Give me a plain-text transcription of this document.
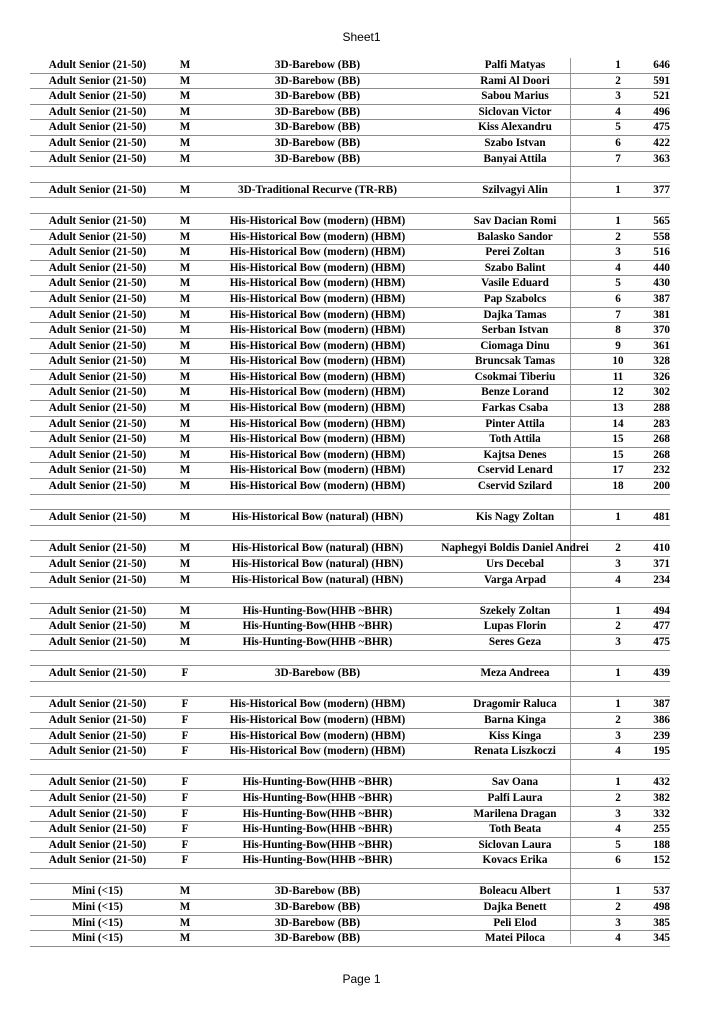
Sheet1
Adult Senior (21-50)	M	3D-Barebow (BB)	Palfi Matyas	1	646
Adult Senior (21-50)	M	3D-Barebow (BB)	Rami Al Doori	2	591
Adult Senior (21-50)	M	3D-Barebow (BB)	Sabou Marius	3	521
Adult Senior (21-50)	M	3D-Barebow (BB)	Siclovan Victor	4	496
Adult Senior (21-50)	M	3D-Barebow (BB)	Kiss Alexandru	5	475
Adult Senior (21-50)	M	3D-Barebow (BB)	Szabo Istvan	6	422
Adult Senior (21-50)	M	3D-Barebow (BB)	Banyai Attila	7	363
Adult Senior (21-50)	M	3D-Traditional Recurve (TR-RB)	Szilvagyi Alin	1	377
Adult Senior (21-50)	M	His-Historical Bow (modern) (HBM)	Sav Dacian Romi	1	565
Adult Senior (21-50)	M	His-Historical Bow (modern) (HBM)	Balasko Sandor	2	558
Adult Senior (21-50)	M	His-Historical Bow (modern) (HBM)	Perei Zoltan	3	516
Adult Senior (21-50)	M	His-Historical Bow (modern) (HBM)	Szabo Balint	4	440
Adult Senior (21-50)	M	His-Historical Bow (modern) (HBM)	Vasile Eduard	5	430
Adult Senior (21-50)	M	His-Historical Bow (modern) (HBM)	Pap Szabolcs	6	387
Adult Senior (21-50)	M	His-Historical Bow (modern) (HBM)	Dajka Tamas	7	381
Adult Senior (21-50)	M	His-Historical Bow (modern) (HBM)	Serban Istvan	8	370
Adult Senior (21-50)	M	His-Historical Bow (modern) (HBM)	Ciomaga Dinu	9	361
Adult Senior (21-50)	M	His-Historical Bow (modern) (HBM)	Bruncsak Tamas	10	328
Adult Senior (21-50)	M	His-Historical Bow (modern) (HBM)	Csokmai Tiberiu	11	326
Adult Senior (21-50)	M	His-Historical Bow (modern) (HBM)	Benze Lorand	12	302
Adult Senior (21-50)	M	His-Historical Bow (modern) (HBM)	Farkas Csaba	13	288
Adult Senior (21-50)	M	His-Historical Bow (modern) (HBM)	Pinter Attila	14	283
Adult Senior (21-50)	M	His-Historical Bow (modern) (HBM)	Toth Attila	15	268
Adult Senior (21-50)	M	His-Historical Bow (modern) (HBM)	Kajtsa Denes	15	268
Adult Senior (21-50)	M	His-Historical Bow (modern) (HBM)	Cservid Lenard	17	232
Adult Senior (21-50)	M	His-Historical Bow (modern) (HBM)	Cservid Szilard	18	200
Adult Senior (21-50)	M	His-Historical Bow (natural) (HBN)	Kis Nagy Zoltan	1	481
Adult Senior (21-50)	M	His-Historical Bow (natural) (HBN)	Naphegyi Boldis Daniel Andrei	2	410
Adult Senior (21-50)	M	His-Historical Bow (natural) (HBN)	Urs Decebal	3	371
Adult Senior (21-50)	M	His-Historical Bow (natural) (HBN)	Varga Arpad	4	234
Adult Senior (21-50)	M	His-Hunting-Bow(HHB ~BHR)	Szekely Zoltan	1	494
Adult Senior (21-50)	M	His-Hunting-Bow(HHB ~BHR)	Lupas Florin	2	477
Adult Senior (21-50)	M	His-Hunting-Bow(HHB ~BHR)	Seres Geza	3	475
Adult Senior (21-50)	F	3D-Barebow (BB)	Meza Andreea	1	439
Adult Senior (21-50)	F	His-Historical Bow (modern) (HBM)	Dragomir Raluca	1	387
Adult Senior (21-50)	F	His-Historical Bow (modern) (HBM)	Barna Kinga	2	386
Adult Senior (21-50)	F	His-Historical Bow (modern) (HBM)	Kiss Kinga	3	239
Adult Senior (21-50)	F	His-Historical Bow (modern) (HBM)	Renata Liszkoczi	4	195
Adult Senior (21-50)	F	His-Hunting-Bow(HHB ~BHR)	Sav Oana	1	432
Adult Senior (21-50)	F	His-Hunting-Bow(HHB ~BHR)	Palfi Laura	2	382
Adult Senior (21-50)	F	His-Hunting-Bow(HHB ~BHR)	Marilena Dragan	3	332
Adult Senior (21-50)	F	His-Hunting-Bow(HHB ~BHR)	Toth Beata	4	255
Adult Senior (21-50)	F	His-Hunting-Bow(HHB ~BHR)	Siclovan Laura	5	188
Adult Senior (21-50)	F	His-Hunting-Bow(HHB ~BHR)	Kovacs Erika	6	152
Mini (<15)	M	3D-Barebow (BB)	Boleacu Albert	1	537
Mini (<15)	M	3D-Barebow (BB)	Dajka Benett	2	498
Mini (<15)	M	3D-Barebow (BB)	Peli Elod	3	385
Mini (<15)	M	3D-Barebow (BB)	Matei Piloca	4	345
Page 1
